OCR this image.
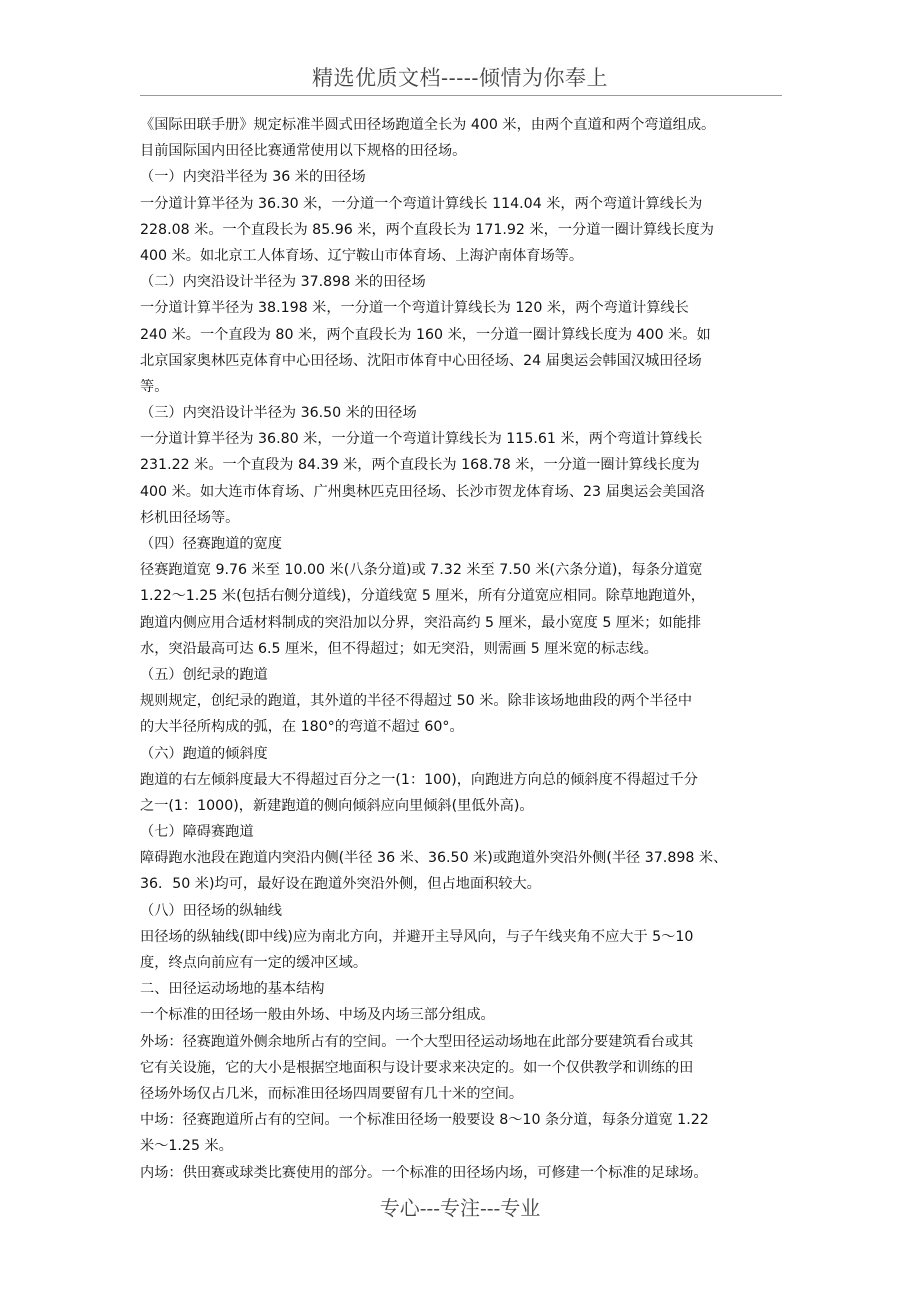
精选优质文档-----倾情为你奉上
《国际田联手册》规定标准半圆式田径场跑道全长为 400 米，由两个直道和两个弯道组成。
目前国际国内田径比赛通常使用以下规格的田径场。
（一）内突沿半径为 36 米的田径场
一分道计算半径为 36.30 米，一分道一个弯道计算线长 114.04 米，两个弯道计算线长为
228.08 米。一个直段长为 85.96 米，两个直段长为 171.92 米，一分道一圈计算线长度为
400 米。如北京工人体育场、辽宁鞍山市体育场、上海沪南体育场等。
（二）内突沿设计半径为 37.898 米的田径场
一分道计算半径为 38.198 米，一分道一个弯道计算线长为 120 米，两个弯道计算线长
240 米。一个直段为 80 米，两个直段长为 160 米，一分道一圈计算线长度为 400 米。如
北京国家奥林匹克体育中心田径场、沈阳市体育中心田径场、24 届奥运会韩国汉城田径场
等。
（三）内突沿设计半径为 36.50 米的田径场
一分道计算半径为 36.80 米，一分道一个弯道计算线长为 115.61 米，两个弯道计算线长
231.22 米。一个直段为 84.39 米，两个直段长为 168.78 米，一分道一圈计算线长度为
400 米。如大连市体育场、广州奥林匹克田径场、长沙市贺龙体育场、23 届奥运会美国洛
杉机田径场等。
（四）径赛跑道的宽度
径赛跑道宽 9.76 米至 10.00 米(八条分道)或 7.32 米至 7.50 米(六条分道)，每条分道宽
1.22～1.25 米(包括右侧分道线)，分道线宽 5 厘米，所有分道宽应相同。除草地跑道外，
跑道内侧应用合适材料制成的突沿加以分界，突沿高约 5 厘米，最小宽度 5 厘米；如能排
水，突沿最高可达 6.5 厘米，但不得超过；如无突沿，则需画 5 厘米宽的标志线。
（五）创纪录的跑道
规则规定，创纪录的跑道，其外道的半径不得超过 50 米。除非该场地曲段的两个半径中
的大半径所构成的弧，在 180°的弯道不超过 60°。
（六）跑道的倾斜度
跑道的右左倾斜度最大不得超过百分之一(1：100)，向跑进方向总的倾斜度不得超过千分
之一(1：1000)，新建跑道的侧向倾斜应向里倾斜(里低外高)。
（七）障碍赛跑道
障碍跑水池段在跑道内突沿内侧(半径 36 米、36.50 米)或跑道外突沿外侧(半径 37.898 米、
36．50 米)均可，最好设在跑道外突沿外侧，但占地面积较大。
（八）田径场的纵轴线
田径场的纵轴线(即中线)应为南北方向，并避开主导风向，与子午线夹角不应大于 5～10
度，终点向前应有一定的缓冲区域。
二、田径运动场地的基本结构
一个标准的田径场一般由外场、中场及内场三部分组成。
外场：径赛跑道外侧余地所占有的空间。一个大型田径运动场地在此部分要建筑看台或其
它有关设施，它的大小是根据空地面积与设计要求来决定的。如一个仅供教学和训练的田
径场外场仅占几米，而标准田径场四周要留有几十米的空间。
中场：径赛跑道所占有的空间。一个标准田径场一般要设 8～10 条分道，每条分道宽 1.22
米～1.25 米。
内场：供田赛或球类比赛使用的部分。一个标准的田径场内场，可修建一个标准的足球场。
专心---专注---专业
